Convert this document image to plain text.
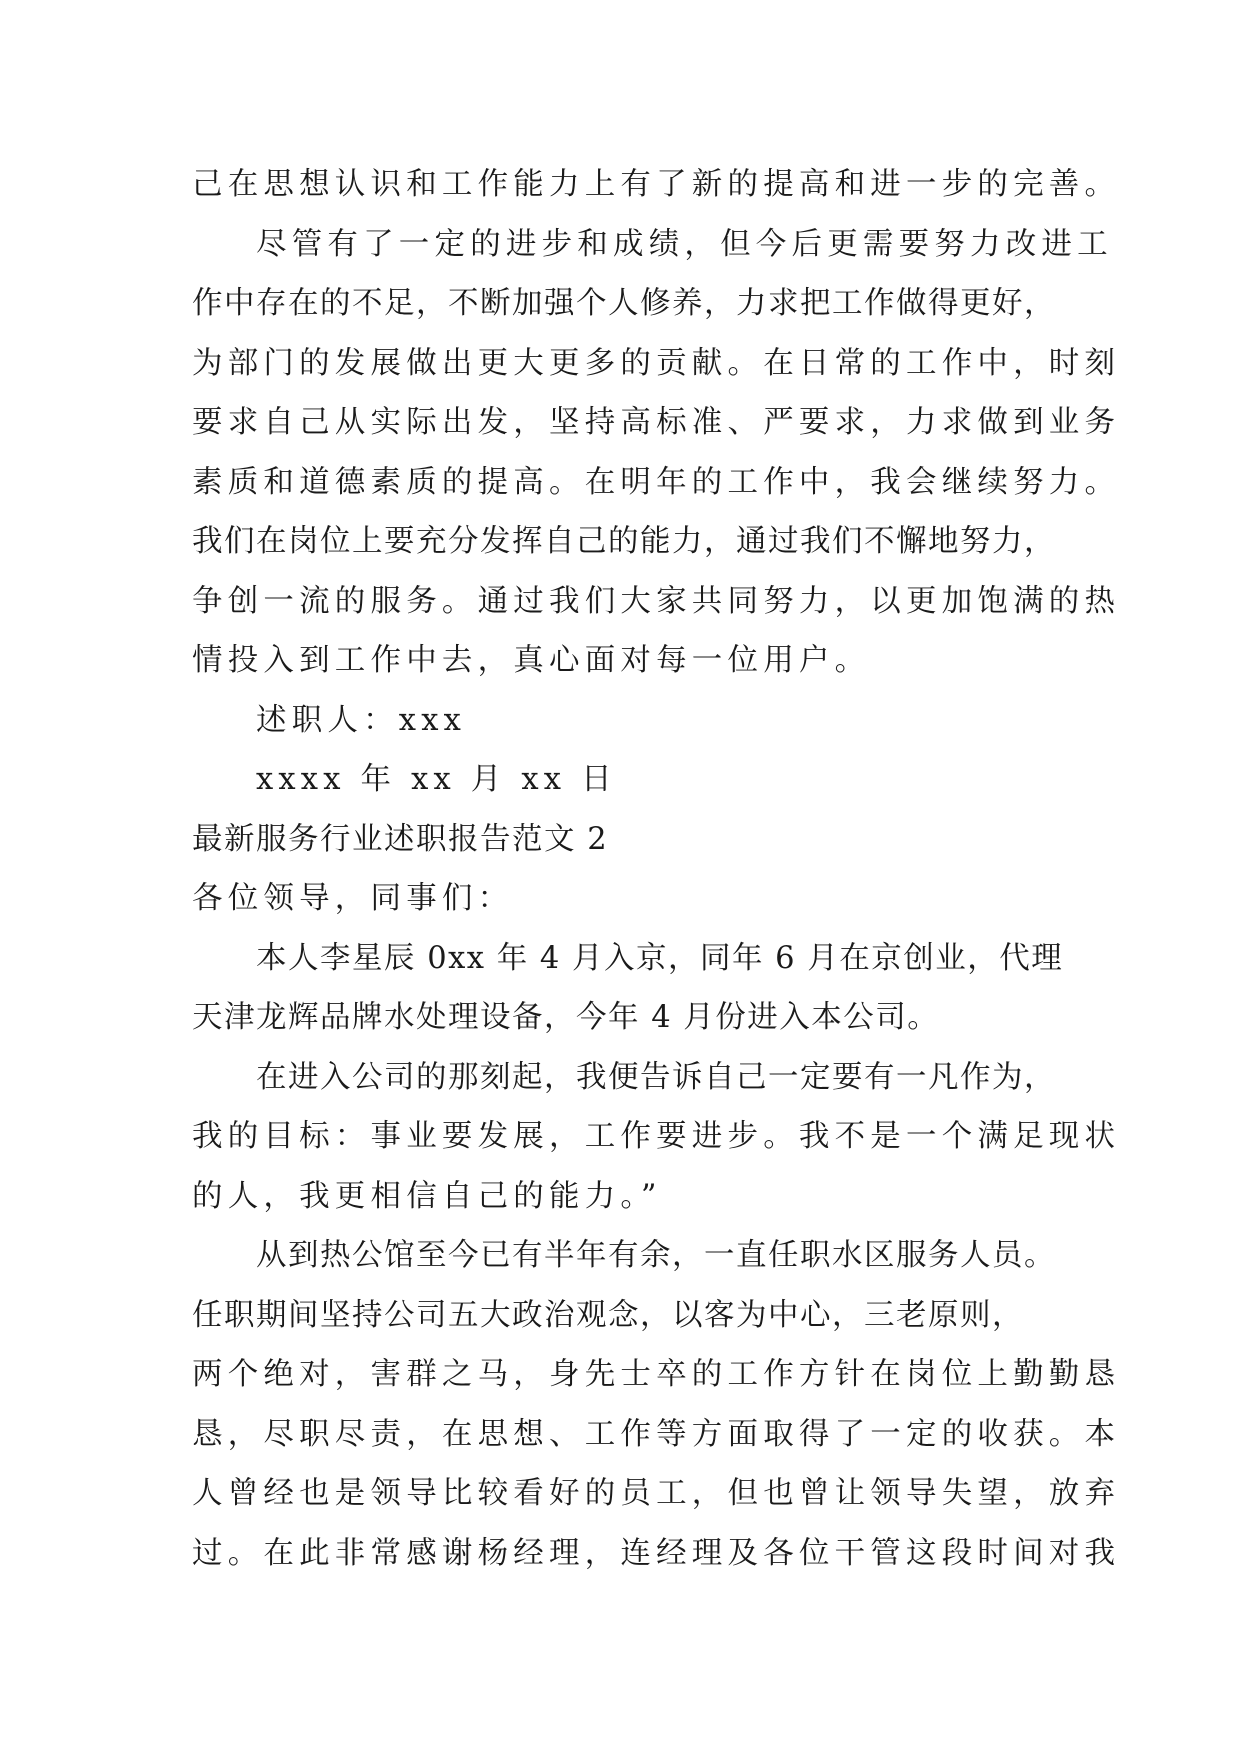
己在思想认识和工作能力上有了新的提高和进一步的完善。
尽管有了一定的进步和成绩，但今后更需要努力改进工
作中存在的不足，不断加强个人修养，力求把工作做得更好，
为部门的发展做出更大更多的贡献。在日常的工作中，时刻
要求自己从实际出发，坚持高标准、严要求，力求做到业务
素质和道德素质的提高。在明年的工作中，我会继续努力。
我们在岗位上要充分发挥自己的能力，通过我们不懈地努力，
争创一流的服务。通过我们大家共同努力，以更加饱满的热
情投入到工作中去，真心面对每一位用户。
述职人：xxx
xxxx 年 xx 月 xx 日
最新服务行业述职报告范文 2
各位领导，同事们：
本人李星辰 0xx 年 4 月入京，同年 6 月在京创业，代理
天津龙辉品牌水处理设备，今年 4 月份进入本公司。
在进入公司的那刻起，我便告诉自己一定要有一凡作为，
我的目标：事业要发展，工作要进步。我不是一个满足现状
的人，我更相信自己的能力。”
从到热公馆至今已有半年有余，一直任职水区服务人员。
任职期间坚持公司五大政治观念，以客为中心，三老原则，
两个绝对，害群之马，身先士卒的工作方针在岗位上勤勤恳
恳，尽职尽责，在思想、工作等方面取得了一定的收获。本
人曾经也是领导比较看好的员工，但也曾让领导失望，放弃
过。在此非常感谢杨经理，连经理及各位干管这段时间对我
